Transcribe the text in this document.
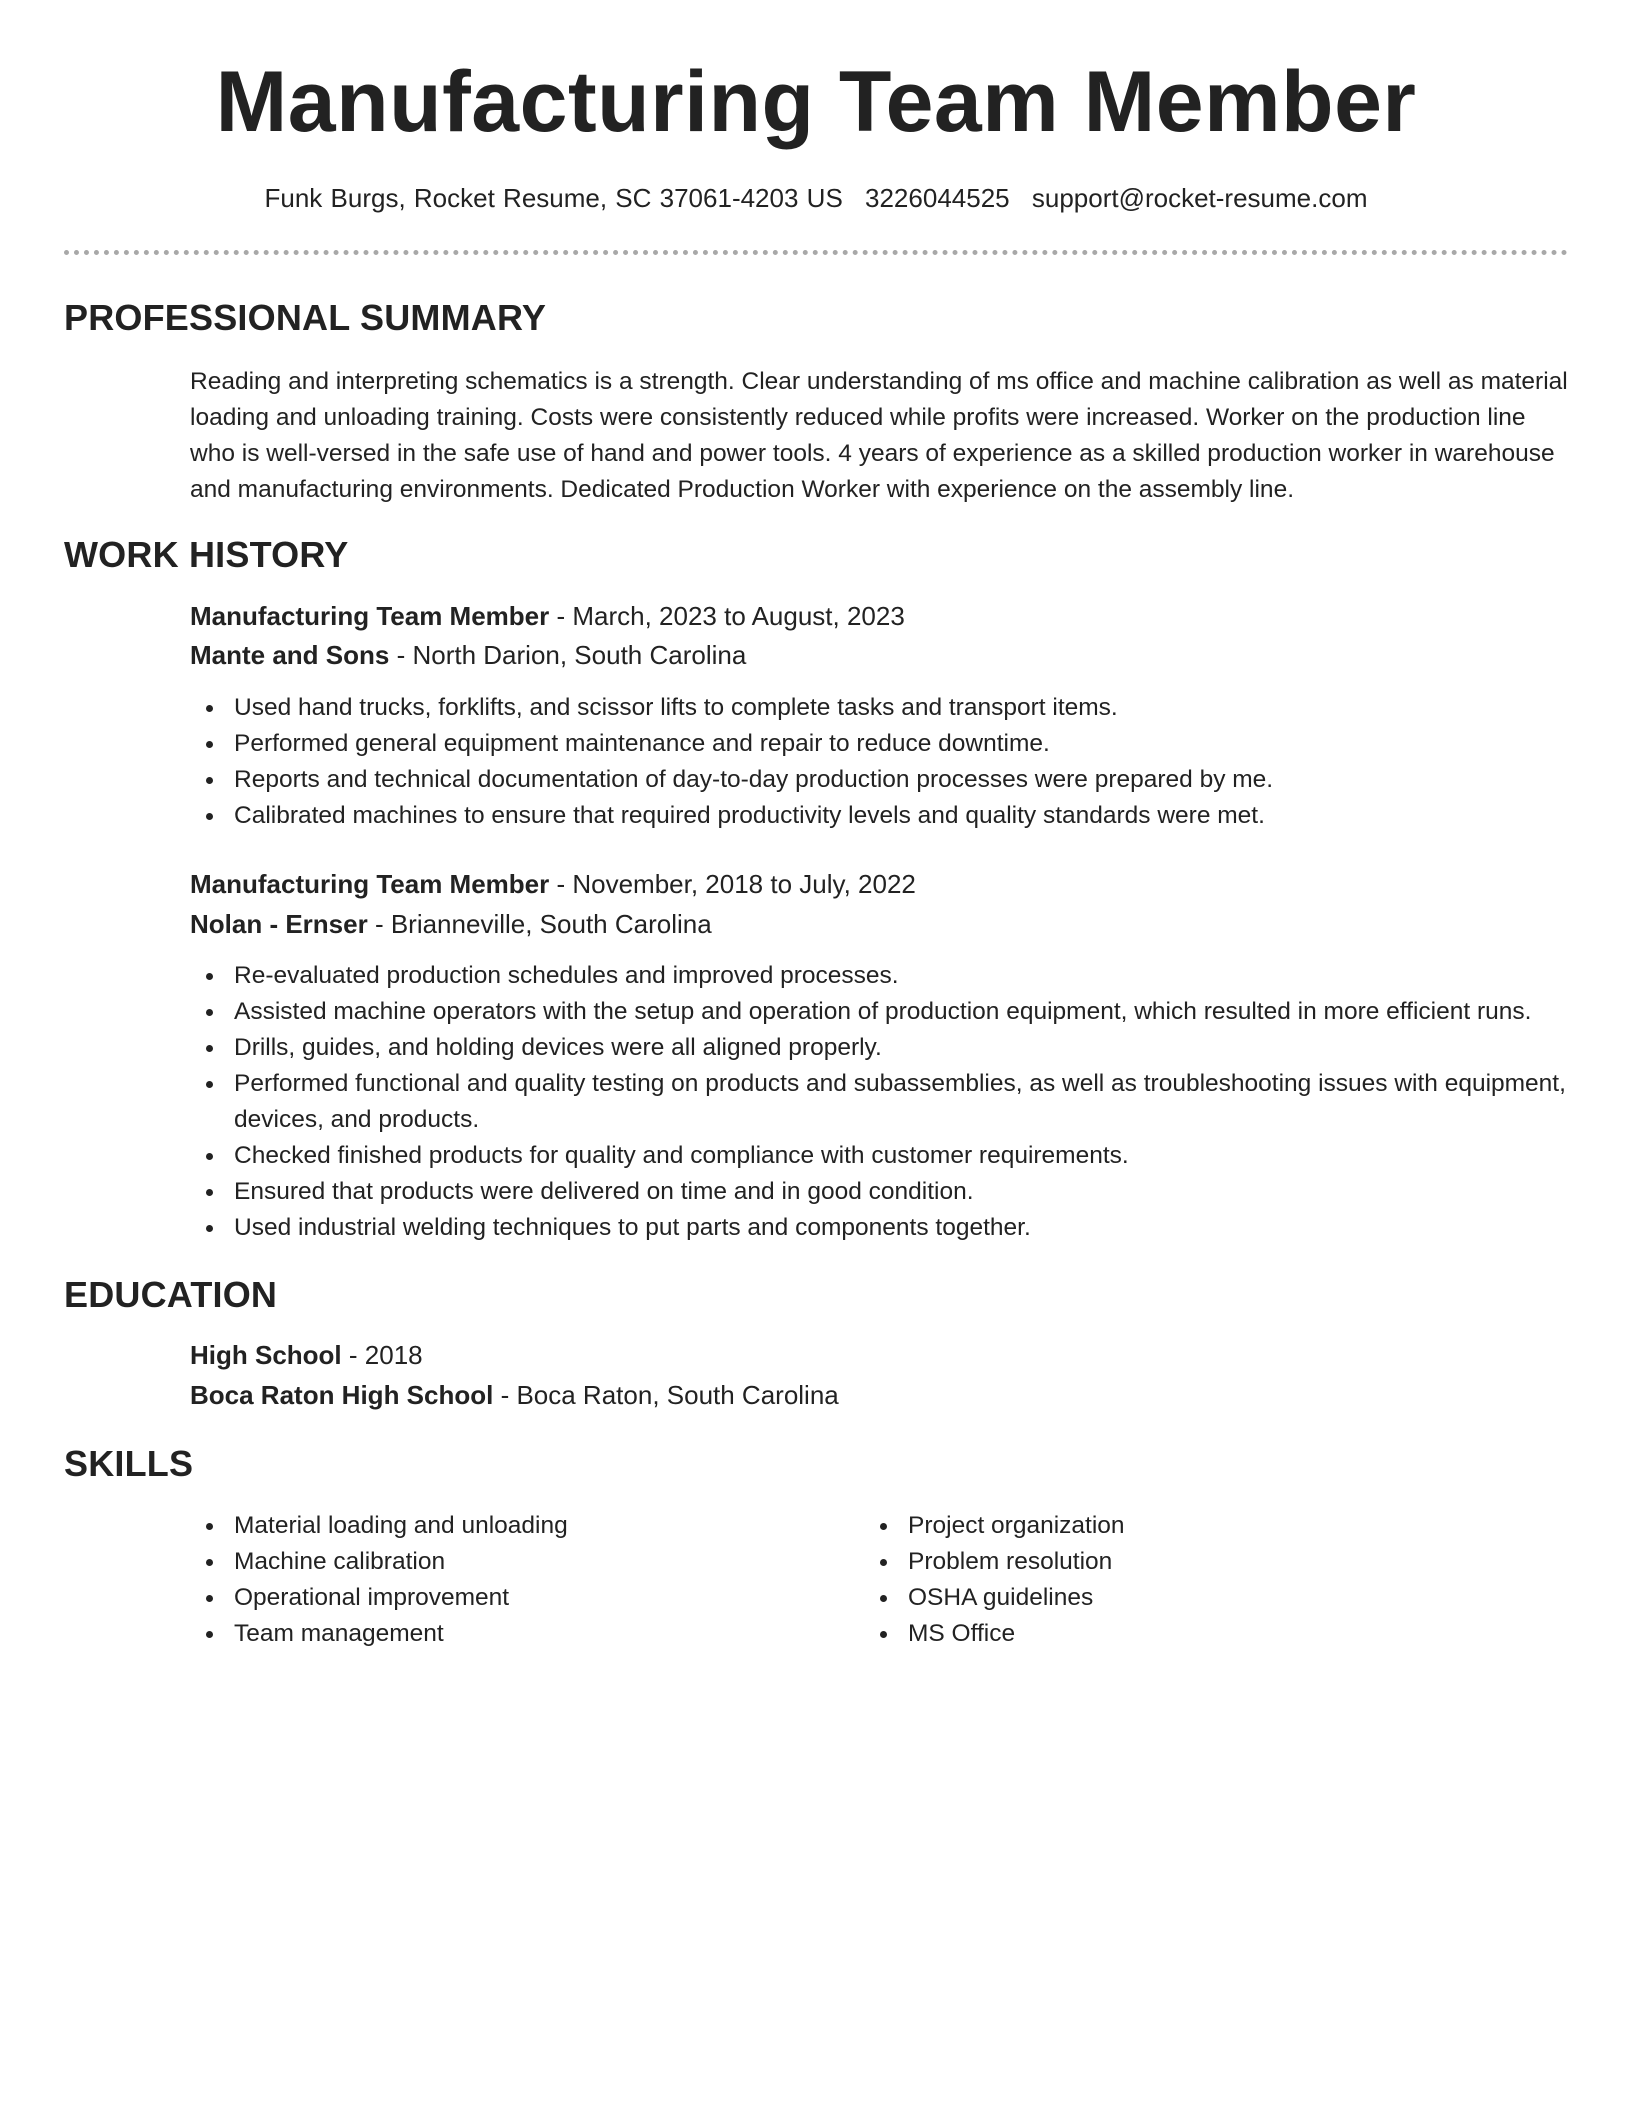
Manufacturing Team Member
Funk Burgs, Rocket Resume, SC 37061-4203 US 3226044525 support@rocket-resume.com
PROFESSIONAL SUMMARY

Reading and interpreting schematics is a strength. Clear understanding of ms office and machine calibration as well as material loading and unloading training. Costs were consistently reduced while profits were increased. Worker on the production line who is well-versed in the safe use of hand and power tools. 4 years of experience as a skilled production worker in warehouse and manufacturing environments. Dedicated Production Worker with experience on the assembly line.

WORK HISTORY
Manufacturing Team Member - March, 2023 to August, 2023
Mante and Sons - North Darion, South Carolina
Used hand trucks, forklifts, and scissor lifts to complete tasks and transport items.
Performed general equipment maintenance and repair to reduce downtime.
Reports and technical documentation of day-to-day production processes were prepared by me.
Calibrated machines to ensure that required productivity levels and quality standards were met.
Manufacturing Team Member - November, 2018 to July, 2022
Nolan - Ernser - Brianneville, South Carolina
Re-evaluated production schedules and improved processes.
Assisted machine operators with the setup and operation of production equipment, which resulted in more efficient runs.
Drills, guides, and holding devices were all aligned properly.
Performed functional and quality testing on products and subassemblies, as well as troubleshooting issues with equipment, devices, and products.
Checked finished products for quality and compliance with customer requirements.
Ensured that products were delivered on time and in good condition.
Used industrial welding techniques to put parts and components together.
EDUCATION
High School - 2018
Boca Raton High School - Boca Raton, South Carolina
SKILLS
Material loading and unloading
Machine calibration
Operational improvement
Team management
Project organization
Problem resolution
OSHA guidelines
MS Office
